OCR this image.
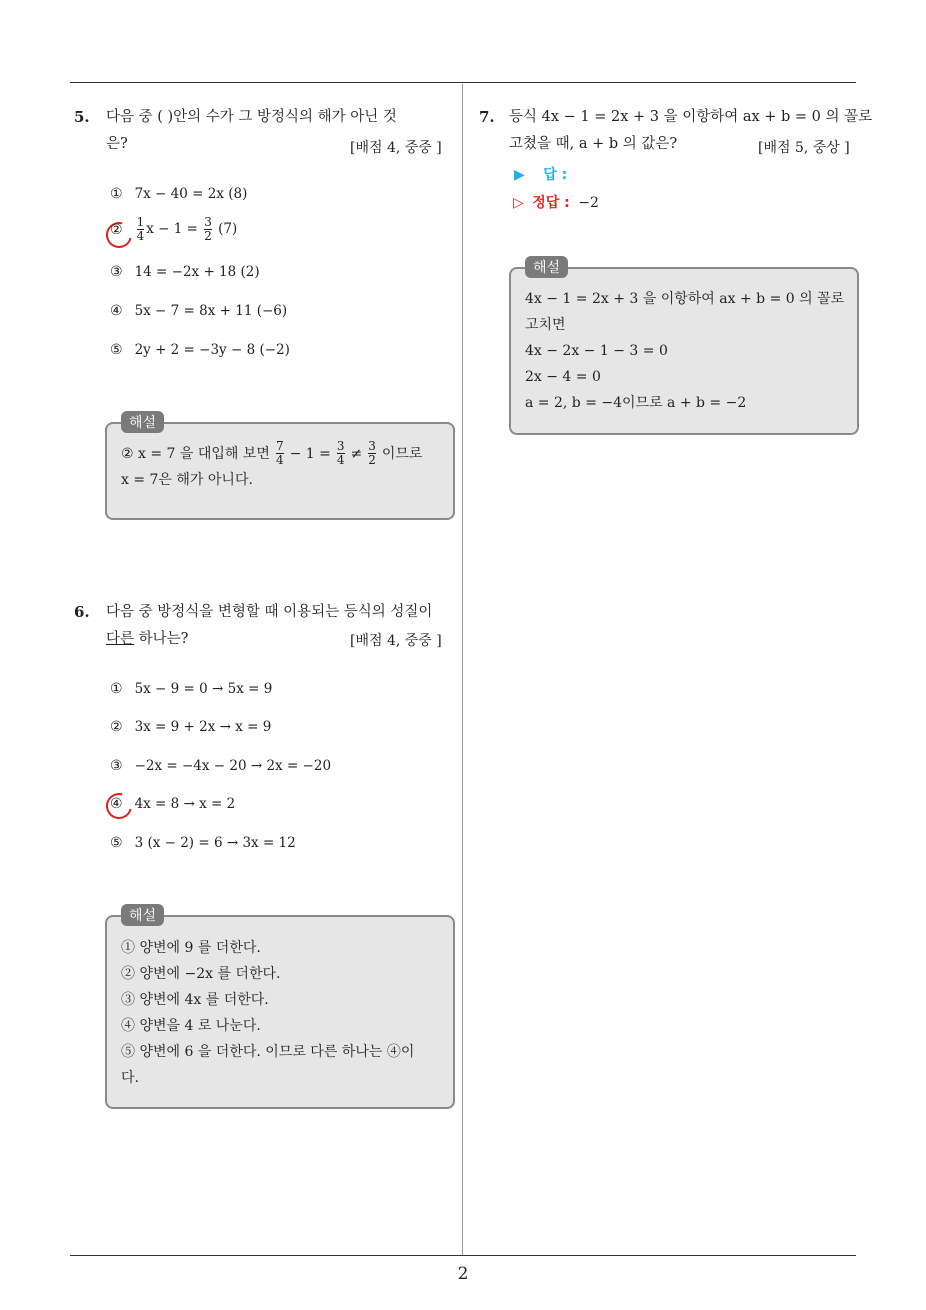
5. 다음 중 ( )안의 수가 그 방정식의 해가 아닌 것
은?	[배점 4, 중중 ]
① 7x − 40 = 2x (8)
② $\frac{1}{4}$ $x - 1 = \frac{3}{2} (7)$
③ 14 = −2x + 18 (2)
④ 5x − 7 = 8x + 11 (−6)
⑤ 2y + 2 = −3y − 8 (−2)
해설
② x = 7 을 대입해 보면 $\frac{7}{4} - 1 = \frac{3}{4} \ne \frac{3}{2}$ 이므로
x = 7은 해가 아니다.
6. 다음 중 방정식을 변형할 때 이용되는 등식의 성질이
다른 하나는?	[배점 4, 중중 ]
① 5x − 9 = 0 → 5x = 9
② 3x = 9 + 2x → x = 9
③ −2x = −4x − 20 → 2x = −20
④ 4x = 8 → x = 2
⑤ 3 (x − 2) = 6 → 3x = 12
해설
① 양변에 9 를 더한다.
② 양변에 −2x 를 더한다.
③ 양변에 4x 를 더한다.
④ 양변을 4 로 나눈다.
⑤ 양변에 6 을 더한다. 이므로 다른 하나는 ④이
다.
7. 등식 4x − 1 = 2x + 3 을 이항하여 ax + b = 0 의 꼴로
고쳤을 때, a + b 의 값은?	[배점 5, 중상 ]
▶ 답 :
▷ 정답 : −2
해설
4x − 1 = 2x + 3 을 이항하여 ax + b = 0 의 꼴로
고치면
4x − 2x − 1 − 3 = 0
2x − 4 = 0
a = 2, b = −4이므로 a + b = −2
2
